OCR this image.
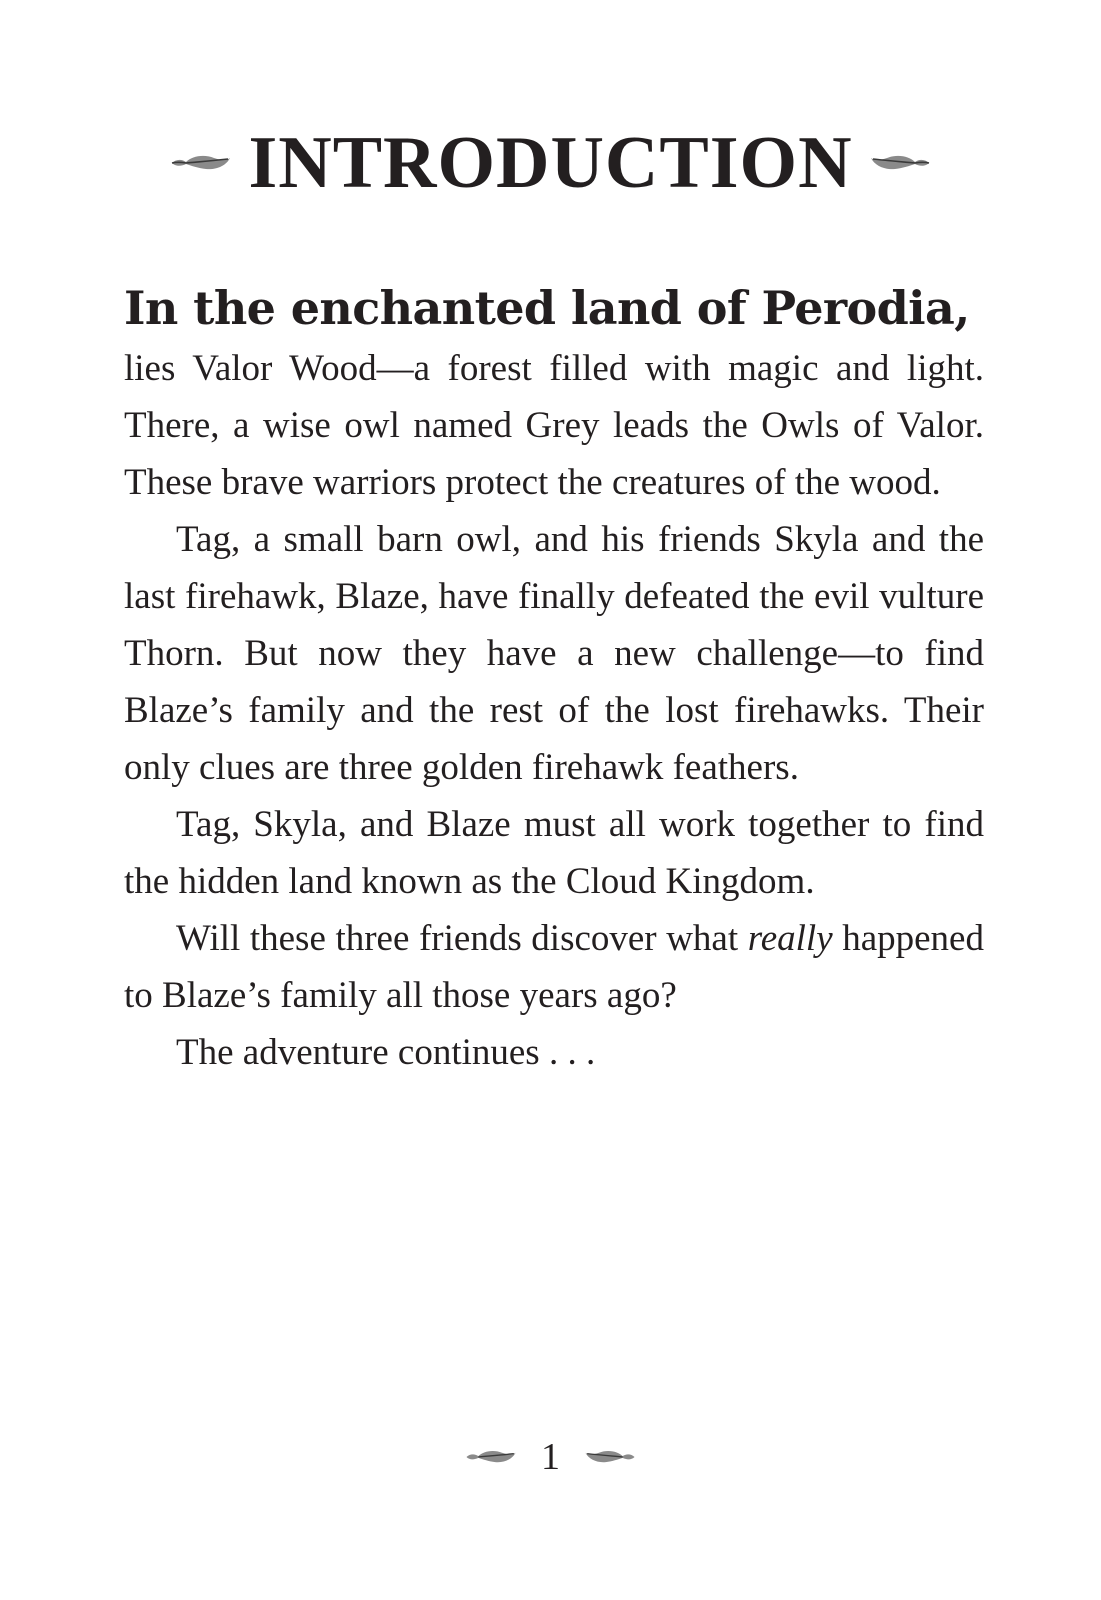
INTRODUCTION

In the enchanted land of Perodia,

lies Valor Wood—a forest filled with magic and light. There, a wise owl named Grey leads the Owls of Valor. These brave warriors protect the creatures of the wood.

Tag, a small barn owl, and his friends Skyla and the last firehawk, Blaze, have finally defeated the evil vulture Thorn. But now they have a new challenge—to find Blaze’s family and the rest of the lost firehawks. Their only clues are three golden firehawk feathers.

Tag, Skyla, and Blaze must all work together to find the hidden land known as the Cloud Kingdom.

Will these three friends discover what really happened to Blaze’s family all those years ago?

The adventure continues . . .

1
